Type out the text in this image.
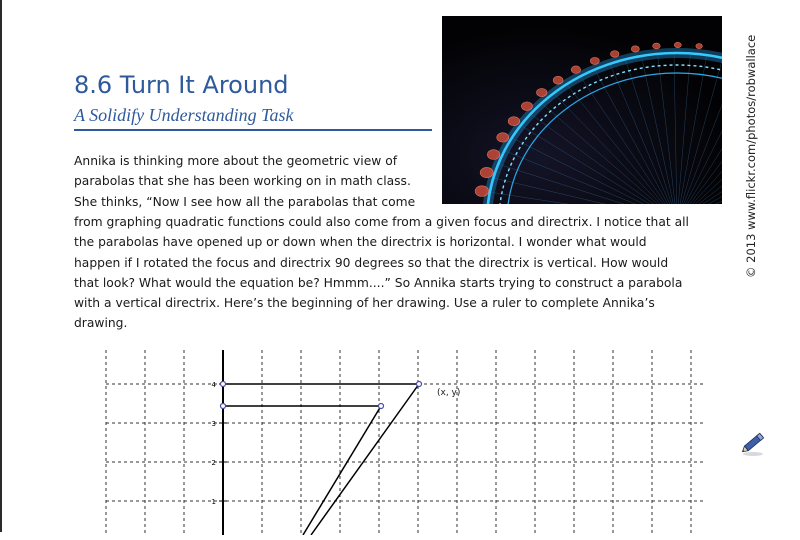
8.6 Turn It Around
A Solidify Understanding Task	© 2013 www.flickr.com/photos/robwallace
Annika is thinking more about the geometric view of
parabolas that she has been working on in math class.
She thinks, “Now I see how all the parabolas that come
from graphing quadratic functions could also come from a given focus and directrix. I notice that all
the parabolas have opened up or down when the directrix is horizontal. I wonder what would
happen if I rotated the focus and directrix 90 degrees so that the directrix is vertical. How would
that look? What would the equation be? Hmmm....” So Annika starts trying to construct a parabola
with a vertical directrix. Here’s the beginning of her drawing. Use a ruler to complete Annika’s
drawing.
4
3
2
1
(x, y)
